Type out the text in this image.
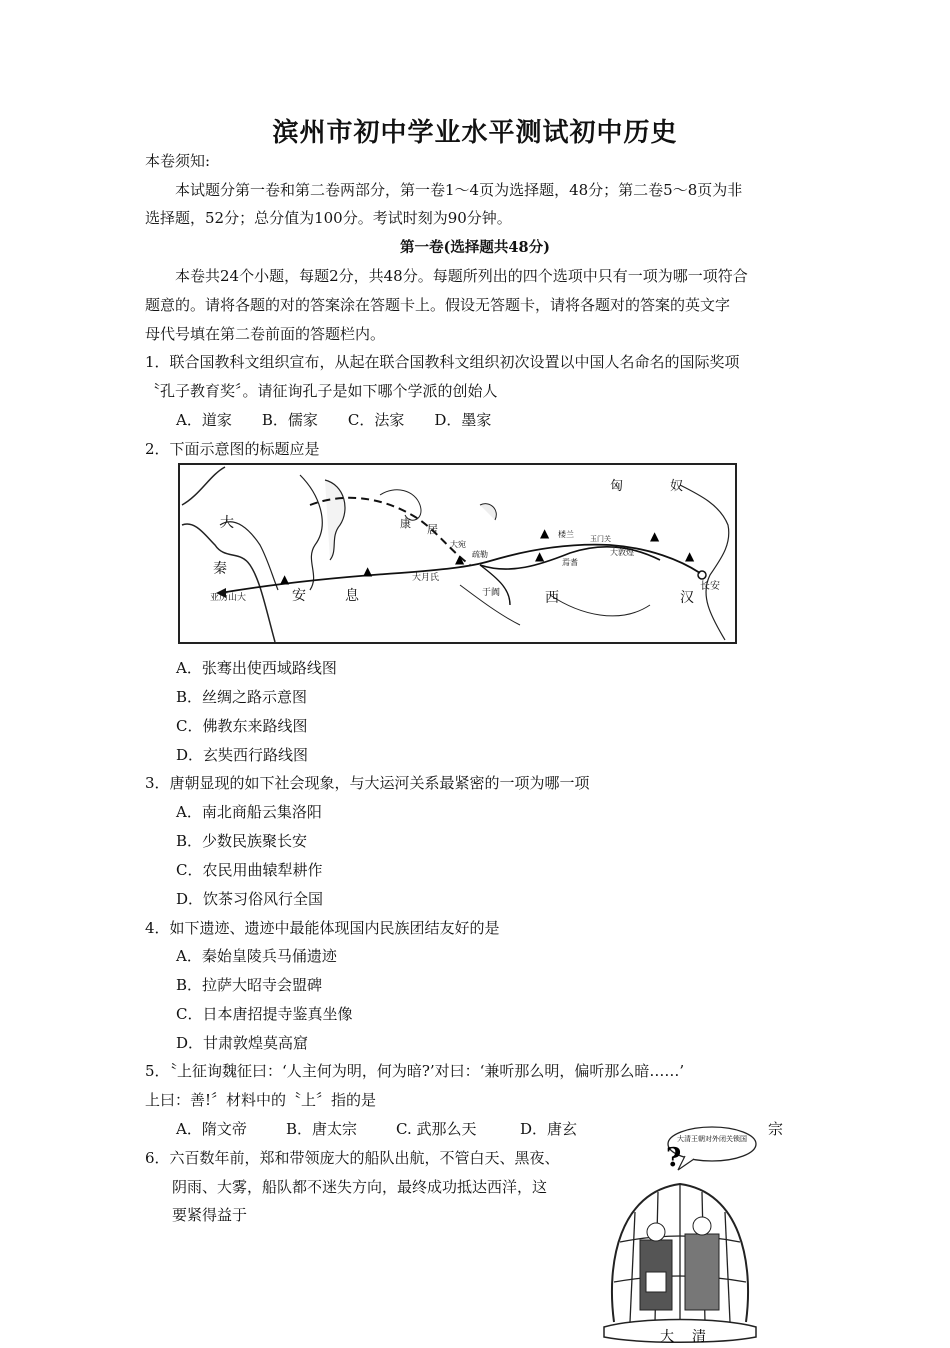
滨州市初中学业水平测试初中历史
本卷须知:
本试题分第一卷和第二卷两部分，第一卷1～4页为选择题，48分；第二卷5～8页为非
选择题，52分；总分值为100分。考试时刻为90分钟。
第一卷(选择题共48分)
本卷共24个小题，每题2分，共48分。每题所列出的四个选项中只有一项为哪一项符合
题意的。请将各题的对的答案涂在答题卡上。假设无答题卡，请将各题对的答案的英文字
母代号填在第二卷前面的答题栏内。
1．联合国教科文组织宣布，从起在联合国教科文组织初次设置以中国人名命名的国际奖项
〝孔子教育奖〞。请征询孔子是如下哪个学派的创始人
A．道家　　B．儒家　　C．法家　　D．墨家
2．下面示意图的标题应是
▲
▲
▲	▲
▲	▲
▲
匈	奴
大
秦
亚历山大	安	息
康 居
大宛
疏勒
楼兰
大敦煌
玉门关
焉耆
大月氏
于阗	西	汉
长安
A．张骞出使西域路线图
B．丝绸之路示意图
C．佛教东来路线图
D．玄奘西行路线图
3．唐朝显现的如下社会现象，与大运河关系最紧密的一项为哪一项
A．南北商船云集洛阳
B．少数民族聚长安
C．农民用曲辕犁耕作
D．饮茶习俗风行全国
4．如下遗迹、遗迹中最能体现国内民族团结友好的是
A．秦始皇陵兵马俑遗迹
B．拉萨大昭寺会盟碑
C．日本唐招提寺鉴真坐像
D．甘肃敦煌莫高窟
5．〝上征询魏征曰：‘人主何为明，何为暗?’对曰：‘兼听那么明，偏听那么暗……’
上曰：善!〞材料中的〝上〞指的是
A．隋文帝	B．唐太宗	C. 武那么天	D．唐玄	宗
6．六百数年前，郑和带领庞大的船队出航，不管白天、黑夜、
阴雨、大雾，船队都不迷失方向，最终成功抵达西洋，这
要紧得益于
大清王朝对外闭关锁国
?
大 清
